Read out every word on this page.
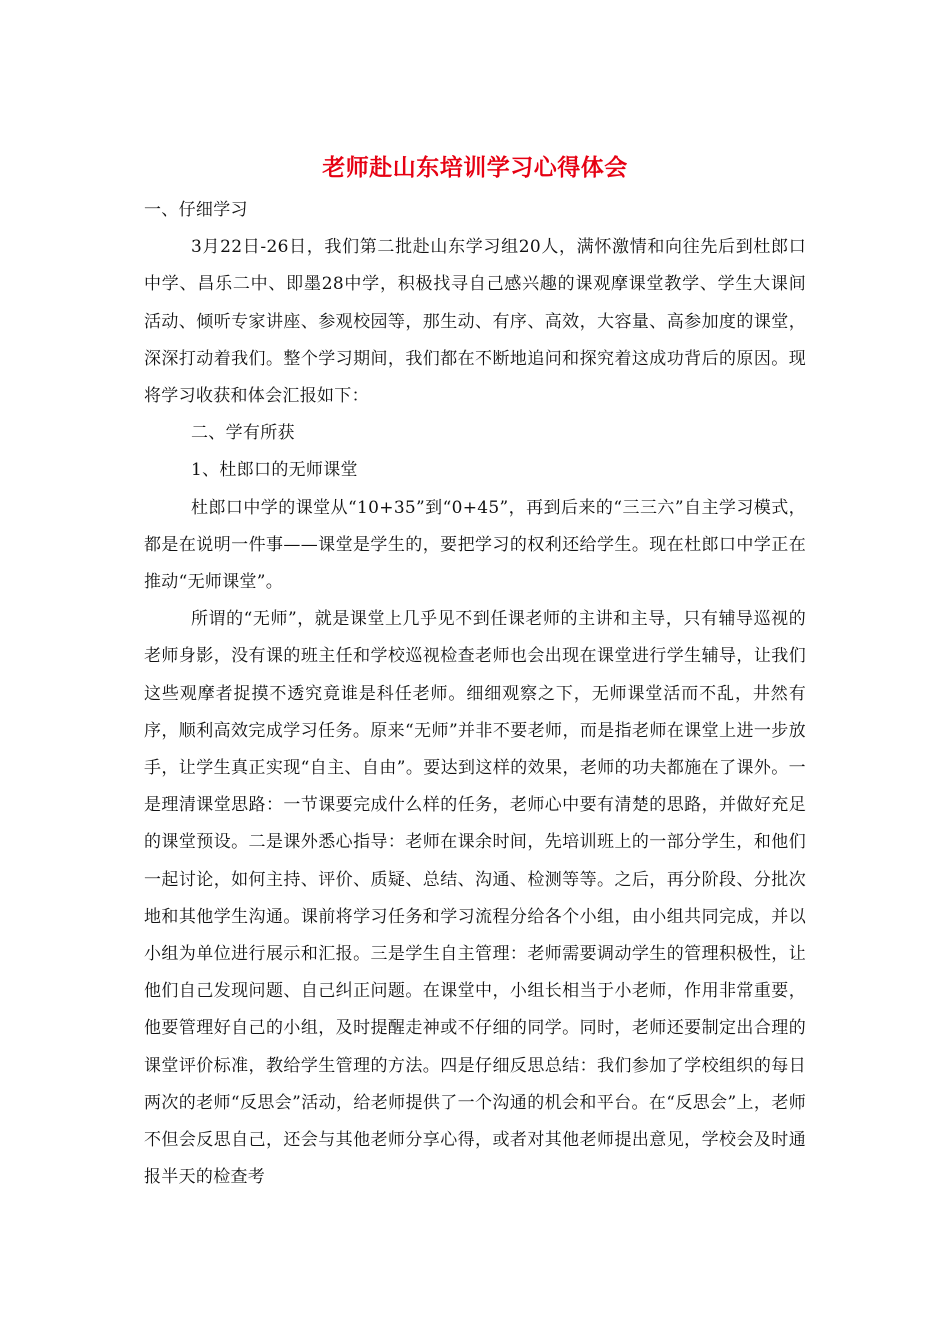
老师赴山东培训学习心得体会

一、仔细学习

3月22日-26日，我们第二批赴山东学习组20人，满怀激情和向往先后到杜郎口中学、昌乐二中、即墨28中学，积极找寻自己感兴趣的课观摩课堂教学、学生大课间活动、倾听专家讲座、参观校园等，那生动、有序、高效，大容量、高参加度的课堂，深深打动着我们。整个学习期间，我们都在不断地追问和探究着这成功背后的原因。现将学习收获和体会汇报如下：

二、学有所获

1、杜郎口的无师课堂

杜郎口中学的课堂从“10+35”到“0+45”，再到后来的“三三六”自主学习模式，都是在说明一件事——课堂是学生的，要把学习的权利还给学生。现在杜郎口中学正在推动“无师课堂”。

所谓的“无师”，就是课堂上几乎见不到任课老师的主讲和主导，只有辅导巡视的老师身影，没有课的班主任和学校巡视检查老师也会出现在课堂进行学生辅导，让我们这些观摩者捉摸不透究竟谁是科任老师。细细观察之下，无师课堂活而不乱，井然有序，顺利高效完成学习任务。原来“无师”并非不要老师，而是指老师在课堂上进一步放手，让学生真正实现“自主、自由”。要达到这样的效果，老师的功夫都施在了课外。一是理清课堂思路：一节课要完成什么样的任务，老师心中要有清楚的思路，并做好充足的课堂预设。二是课外悉心指导：老师在课余时间，先培训班上的一部分学生，和他们一起讨论，如何主持、评价、质疑、总结、沟通、检测等等。之后，再分阶段、分批次地和其他学生沟通。课前将学习任务和学习流程分给各个小组，由小组共同完成，并以小组为单位进行展示和汇报。三是学生自主管理：老师需要调动学生的管理积极性，让他们自己发现问题、自己纠正问题。在课堂中，小组长相当于小老师，作用非常重要，他要管理好自己的小组，及时提醒走神或不仔细的同学。同时，老师还要制定出合理的课堂评价标准，教给学生管理的方法。四是仔细反思总结：我们参加了学校组织的每日两次的老师“反思会”活动，给老师提供了一个沟通的机会和平台。在“反思会”上，老师不但会反思自己，还会与其他老师分享心得，或者对其他老师提出意见，学校会及时通报半天的检查考
